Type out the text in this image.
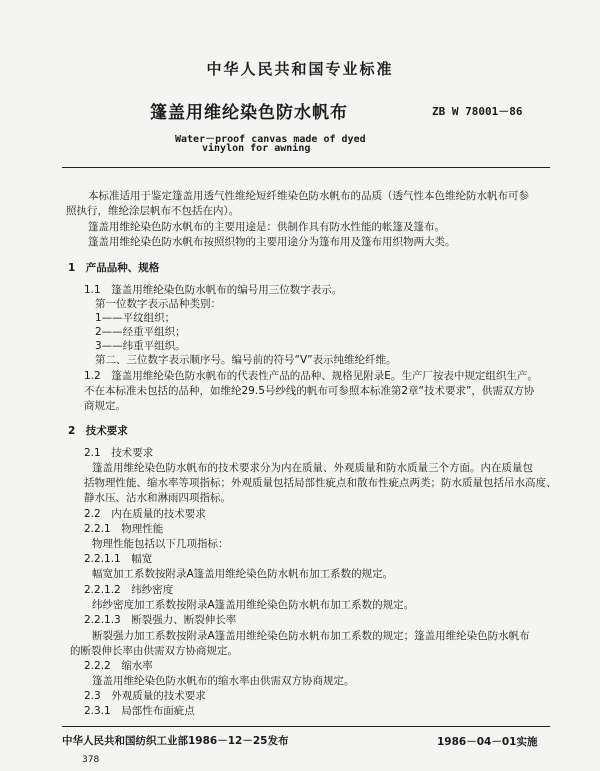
中华人民共和国专业标准
篷盖用维纶染色防水帆布	ZB W 78001－86
Water－proof canvas made of dyed
vinylon for awning
本标准适用于鉴定篷盖用透气性维纶短纤维染色防水帆布的品质（透气性本色维纶防水帆布可参
照执行，维纶涂层帆布不包括在内）。
篷盖用维纶染色防水帆布的主要用途是：供制作具有防水性能的帐篷及篷布。
篷盖用维纶染色防水帆布按照织物的主要用途分为篷布用及篷布用织物两大类。
1　产品品种、规格
1.1　篷盖用维纶染色防水帆布的编号用三位数字表示。
第一位数字表示品种类别：
1——平纹组织；
2——经重平组织；
3——纬重平组织。
第二、三位数字表示顺序号。编号前的符号“V”表示纯维纶纤维。
1.2　篷盖用维纶染色防水帆布的代表性产品的品种、规格见附录E。生产厂按表中规定组织生产。
不在本标准未包括的品种，如维纶29.5号纱线的帆布可参照本标准第2章“技术要求”，供需双方协
商规定。
2　技术要求
2.1　技术要求
篷盖用维纶染色防水帆布的技术要求分为内在质量、外观质量和防水质量三个方面。内在质量包
括物理性能、缩水率等项指标；外观质量包括局部性疵点和散布性疵点两类；防水质量包括吊水高度、
静水压、沾水和淋雨四项指标。
2.2　内在质量的技术要求
2.2.1　物理性能
物理性能包括以下几项指标：
2.2.1.1　幅宽
幅宽加工系数按附录A篷盖用维纶染色防水帆布加工系数的规定。
2.2.1.2　纬纱密度
纬纱密度加工系数按附录A篷盖用维纶染色防水帆布加工系数的规定。
2.2.1.3　断裂强力、断裂伸长率
断裂强力加工系数按附录A篷盖用维纶染色防水帆布加工系数的规定；篷盖用维纶染色防水帆布
的断裂伸长率由供需双方协商规定。
2.2.2　缩水率
篷盖用维纶染色防水帆布的缩水率由供需双方协商规定。
2.3　外观质量的技术要求
2.3.1　局部性布面疵点
中华人民共和国纺织工业部1986－12－25发布	1986－04－01实施
378
